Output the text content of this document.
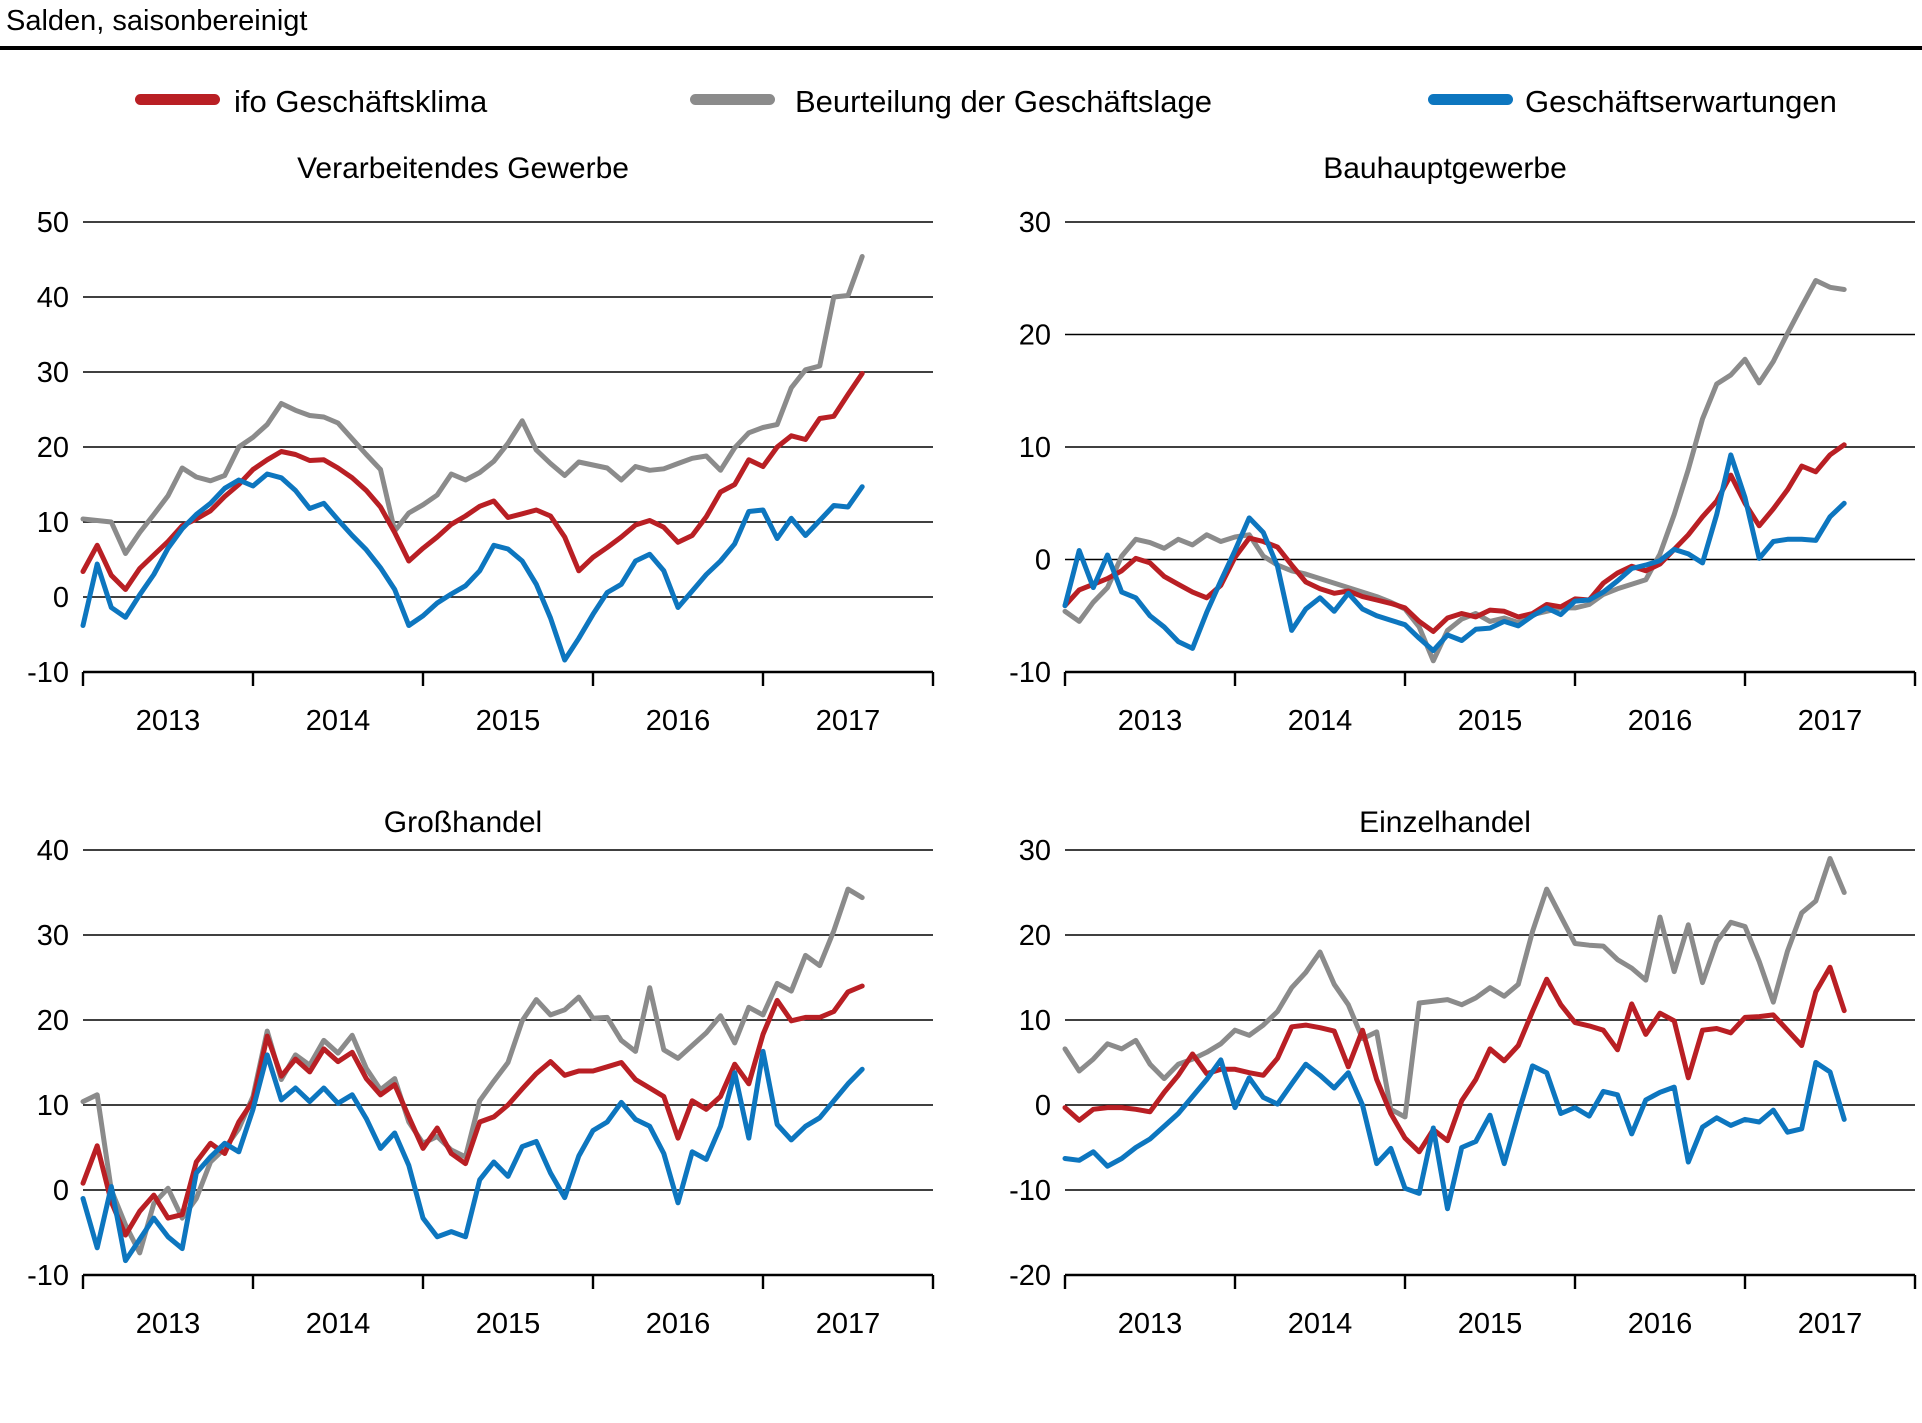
Salden, saisonbereinigt
ifo Geschäftsklima	Beurteilung der Geschäftslage	Geschäftserwartungen
Verarbeitendes Gewerbe
50
40
30
20
10
0
-10
2013	2014	2015	2016	2017
Bauhauptgewerbe
30
20
10
0
-10
2013	2014	2015	2016	2017
Großhandel
40
30
20
10
0
-10
2013	2014	2015	2016	2017
Einzelhandel
30
20
10
0
-10
-20
2013	2014	2015	2016	2017
